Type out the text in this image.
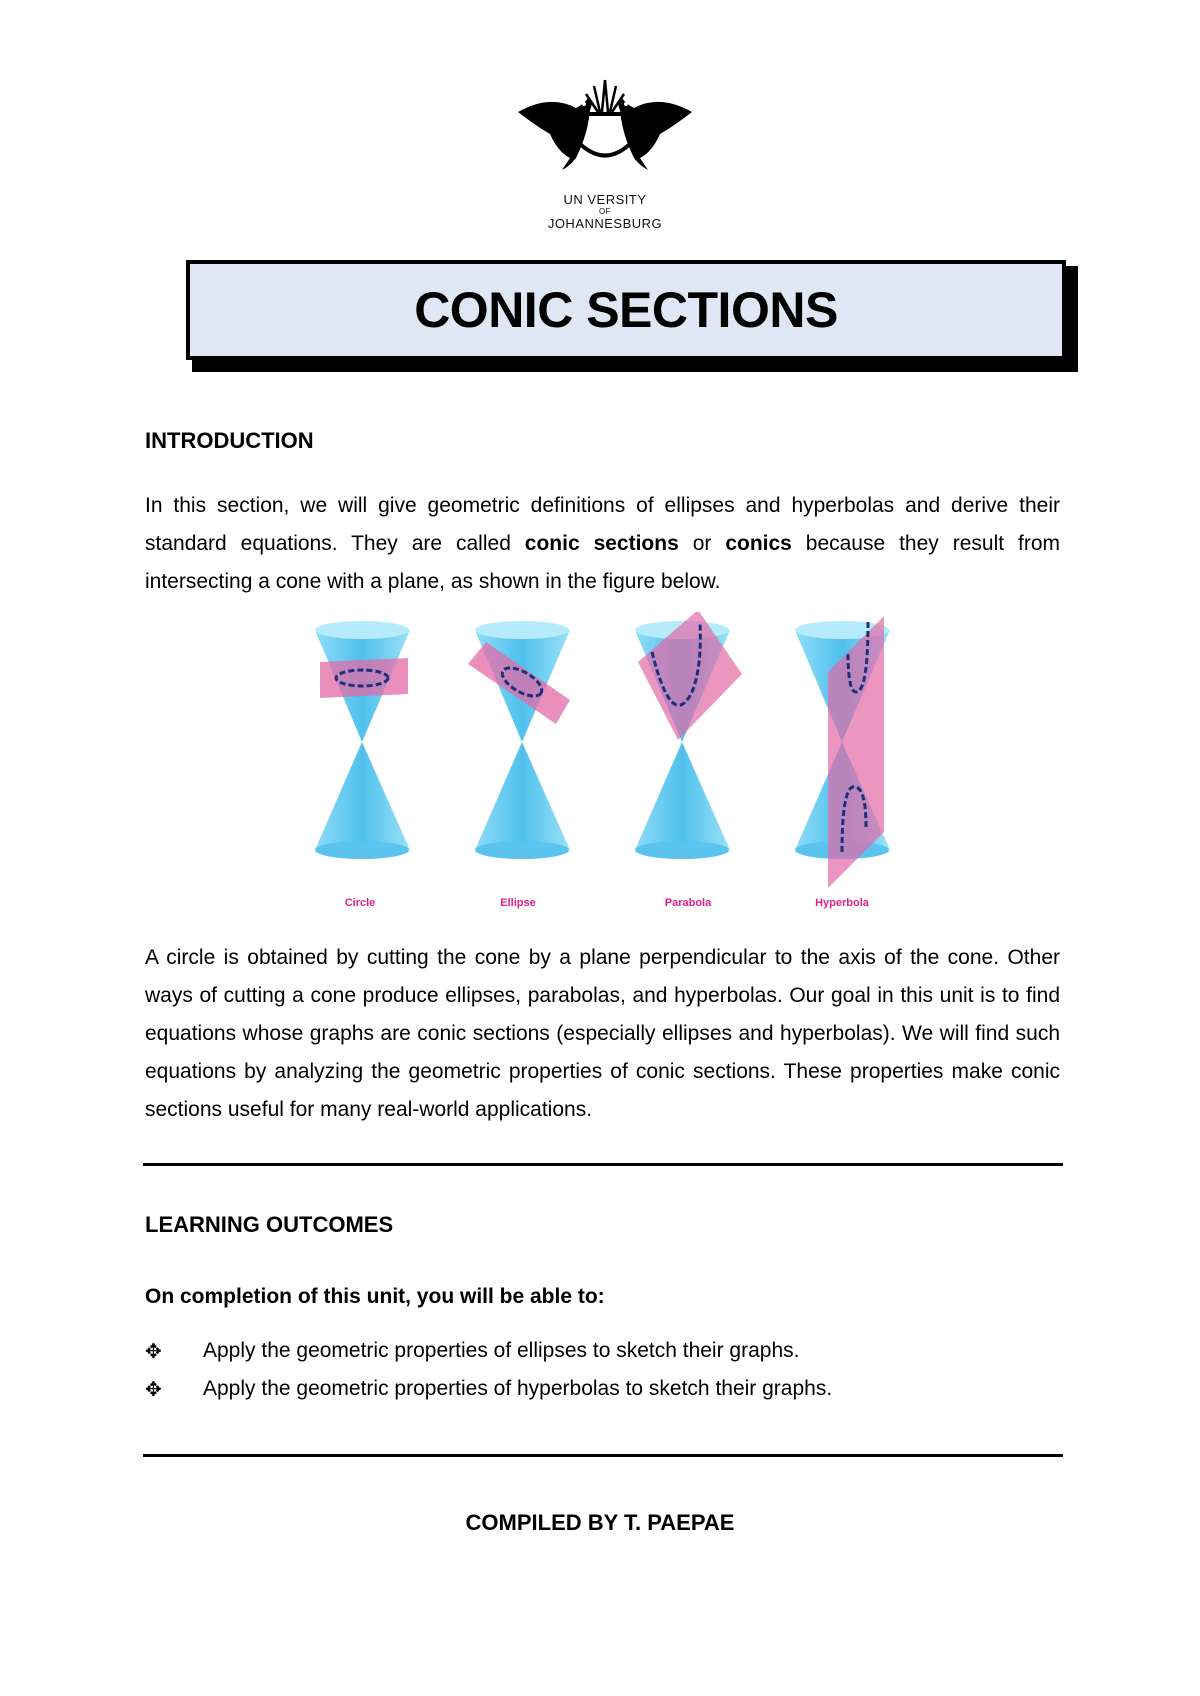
UN VERSITY
OF
JOHANNESBURG
CONIC SECTIONS
INTRODUCTION
In this section, we will give geometric definitions of ellipses and hyperbolas and derive their standard equations. They are called conic sections or conics because they result from intersecting a cone with a plane, as shown in the figure below.
Circle	Ellipse	Parabola	Hyperbola
A circle is obtained by cutting the cone by a plane perpendicular to the axis of the cone. Other ways of cutting a cone produce ellipses, parabolas, and hyperbolas. Our goal in this unit is to find equations whose graphs are conic sections (especially ellipses and hyperbolas). We will find such equations by analyzing the geometric properties of conic sections. These properties make conic sections useful for many real-world applications.
LEARNING OUTCOMES
On completion of this unit, you will be able to:
✥ Apply the geometric properties of ellipses to sketch their graphs.
✥ Apply the geometric properties of hyperbolas to sketch their graphs.
COMPILED BY T. PAEPAE
